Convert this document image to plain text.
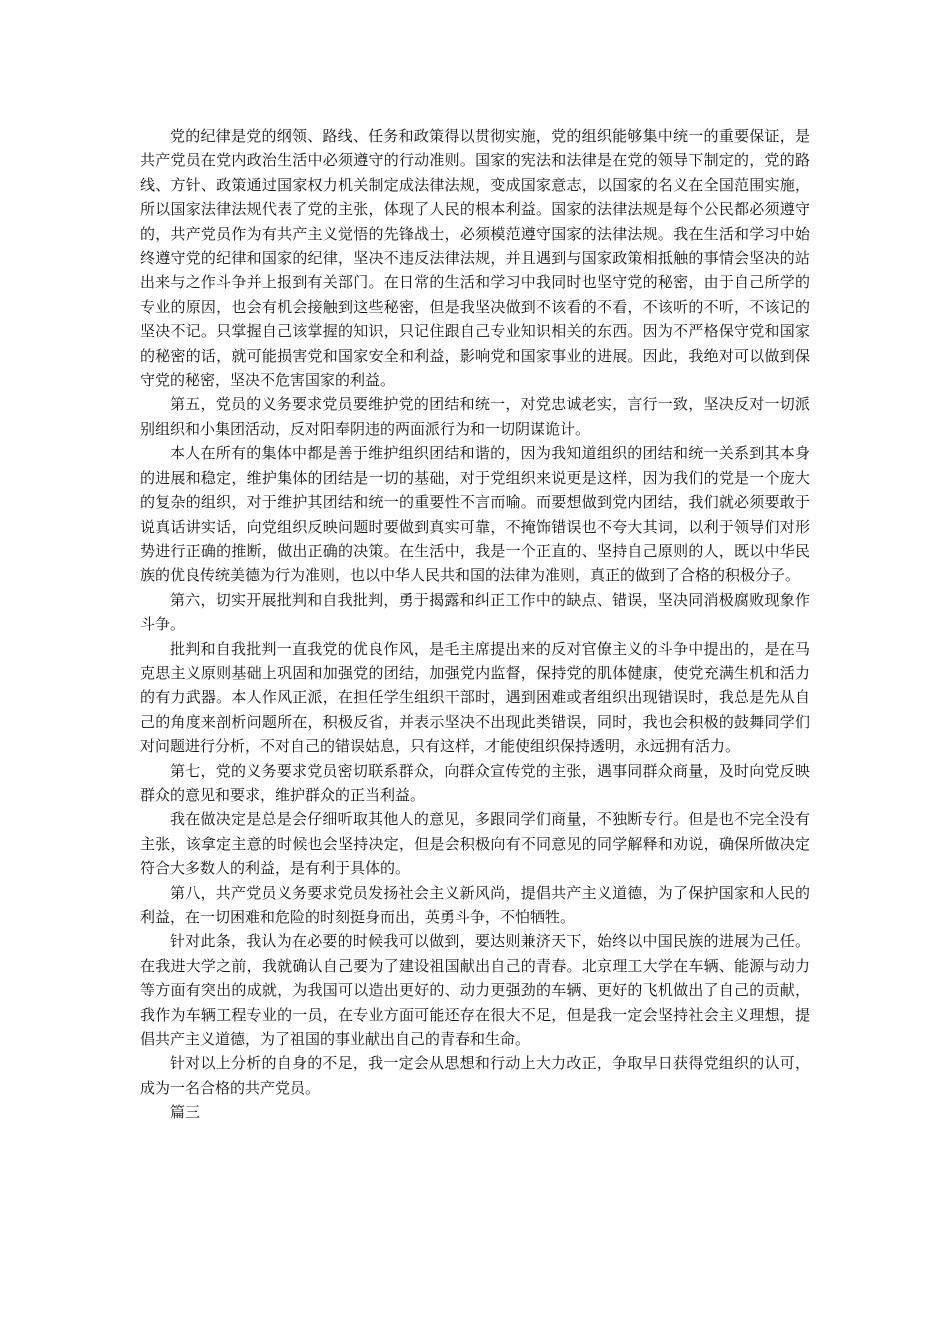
党的纪律是党的纲领、路线、任务和政策得以贯彻实施，党的组织能够集中统一的重要保证，是共产党员在党内政治生活中必须遵守的行动准则。国家的宪法和法律是在党的领导下制定的，党的路线、方针、政策通过国家权力机关制定成法律法规，变成国家意志，以国家的名义在全国范围实施，所以国家法律法规代表了党的主张，体现了人民的根本利益。国家的法律法规是每个公民都必须遵守的，共产党员作为有共产主义觉悟的先锋战士，必须模范遵守国家的法律法规。我在生活和学习中始终遵守党的纪律和国家的纪律，坚决不违反法律法规，并且遇到与国家政策相抵触的事情会坚决的站出来与之作斗争并上报到有关部门。在日常的生活和学习中我同时也坚守党的秘密，由于自己所学的专业的原因，也会有机会接触到这些秘密，但是我坚决做到不该看的不看，不该听的不听，不该记的坚决不记。只掌握自己该掌握的知识，只记住跟自己专业知识相关的东西。因为不严格保守党和国家的秘密的话，就可能损害党和国家安全和利益，影响党和国家事业的进展。因此，我绝对可以做到保守党的秘密，坚决不危害国家的利益。

第五，党员的义务要求党员要维护党的团结和统一，对党忠诚老实，言行一致，坚决反对一切派别组织和小集团活动，反对阳奉阴违的两面派行为和一切阴谋诡计。

本人在所有的集体中都是善于维护组织团结和谐的，因为我知道组织的团结和统一关系到其本身的进展和稳定，维护集体的团结是一切的基础，对于党组织来说更是这样，因为我们的党是一个庞大的复杂的组织，对于维护其团结和统一的重要性不言而喻。而要想做到党内团结，我们就必须要敢于说真话讲实话，向党组织反映问题时要做到真实可靠，不掩饰错误也不夸大其词，以利于领导们对形势进行正确的推断，做出正确的决策。在生活中，我是一个正直的、坚持自己原则的人，既以中华民族的优良传统美德为行为准则，也以中华人民共和国的法律为准则，真正的做到了合格的积极分子。

第六，切实开展批判和自我批判，勇于揭露和纠正工作中的缺点、错误，坚决同消极腐败现象作斗争。

批判和自我批判一直我党的优良作风，是毛主席提出来的反对官僚主义的斗争中提出的，是在马克思主义原则基础上巩固和加强党的团结，加强党内监督，保持党的肌体健康，使党充满生机和活力的有力武器。本人作风正派，在担任学生组织干部时，遇到困难或者组织出现错误时，我总是先从自己的角度来剖析问题所在，积极反省，并表示坚决不出现此类错误，同时，我也会积极的鼓舞同学们对问题进行分析，不对自己的错误姑息，只有这样，才能使组织保持透明，永远拥有活力。

第七，党的义务要求党员密切联系群众，向群众宣传党的主张，遇事同群众商量，及时向党反映群众的意见和要求，维护群众的正当利益。

我在做决定是总是会仔细听取其他人的意见，多跟同学们商量，不独断专行。但是也不完全没有主张，该拿定主意的时候也会坚持决定，但是会积极向有不同意见的同学解释和劝说，确保所做决定符合大多数人的利益，是有利于具体的。

第八，共产党员义务要求党员发扬社会主义新风尚，提倡共产主义道德，为了保护国家和人民的利益，在一切困难和危险的时刻挺身而出，英勇斗争，不怕牺牲。

针对此条，我认为在必要的时候我可以做到，要达则兼济天下，始终以中国民族的进展为己任。在我进大学之前，我就确认自己要为了建设祖国献出自己的青春。北京理工大学在车辆、能源与动力等方面有突出的成就，为我国可以造出更好的、动力更强劲的车辆、更好的飞机做出了自己的贡献，我作为车辆工程专业的一员，在专业方面可能还存在很大不足，但是我一定会坚持社会主义理想，提倡共产主义道德，为了祖国的事业献出自己的青春和生命。

针对以上分析的自身的不足，我一定会从思想和行动上大力改正，争取早日获得党组织的认可，成为一名合格的共产党员。

篇三
